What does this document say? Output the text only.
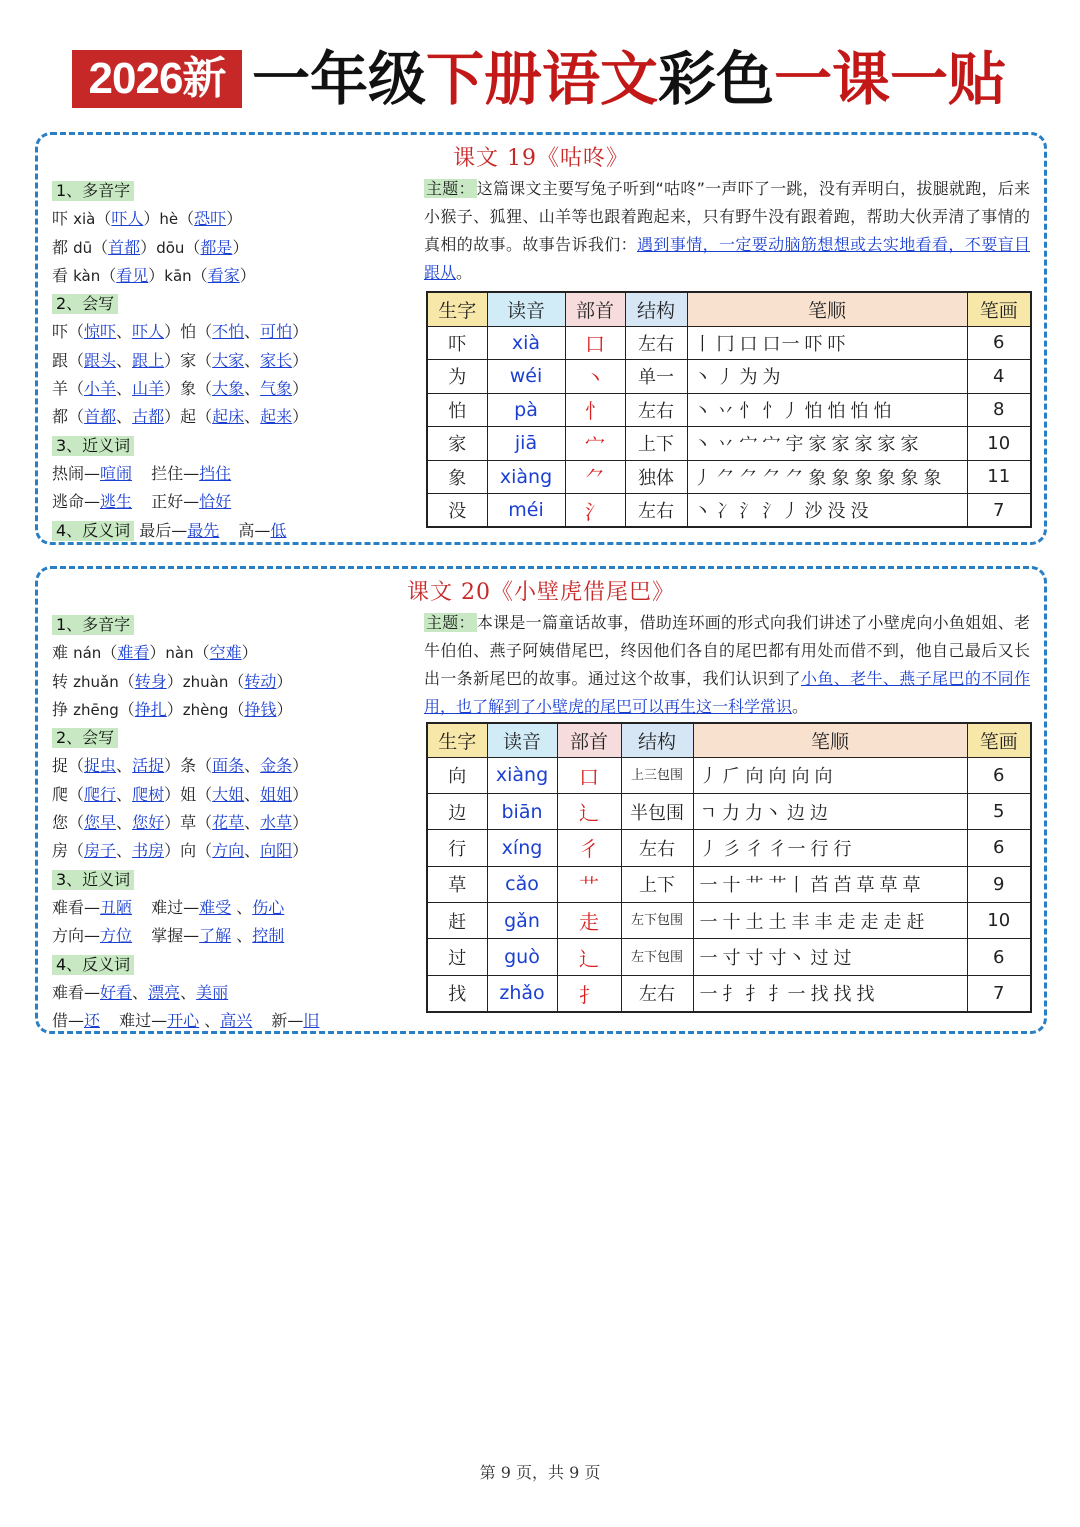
2026新 一年级下册语文彩色一课一贴
课文 19《咕咚》
1、多音字
吓 xià（吓人）hè（恐吓）
都 dū（首都）dōu（都是）
看 kàn（看见）kān（看家）
2、会写
吓（惊吓、吓人）怕（不怕、可怕）
跟（跟头、跟上）家（大家、家长）
羊（小羊、山羊）象（大象、气象）
都（首都、古都）起（起床、起来）
3、近义词
热闹—喧闹 拦住—挡住
逃命—逃生 正好—恰好
4、反义词 最后—最先 高—低
主题： 这篇课文主要写兔子听到“咕咚”一声吓了一跳，没有弄明白，拔腿就跑，后来小猴子、狐狸、山羊等也跟着跑起来，只有野牛没有跟着跑，帮助大伙弄清了事情的真相的故事。故事告诉我们：遇到事情，一定要动脑筋想想或去实地看看，不要盲目跟从。
生字	读音	部首	结构	笔顺	笔画
吓	xià	口	左右	丨 冂 口 口一 吓 吓	6
为	wéi	丶	单一	丶 丿 为 为	4
怕	pà	忄	左右	丶 丷 忄 忄丿 怕 怕 怕 怕	8
家	jiā	宀	上下	丶 丷 宀 宀 宇 家 家 家 家 家	10
象	xiàng	⺈	独体	丿 ⺈ ⺈ ⺈ ⺈ 象 象 象 象 象 象	11
没	méi	氵	左右	丶 冫 氵 氵丿 沙 没 没	7
课文 20《小壁虎借尾巴》
1、多音字
难 nán（难看）nàn（空难）
转 zhuǎn（转身）zhuàn（转动）
挣 zhēng（挣扎）zhèng（挣钱）
2、会写
捉（捉虫、活捉）条（面条、金条）
爬（爬行、爬树）姐（大姐、姐姐）
您（您早、您好）草（花草、水草）
房（房子、书房）向（方向、向阳）
3、近义词
难看—丑陋 难过—难受 、伤心
方向—方位 掌握—了解 、控制
4、反义词
难看—好看、漂亮、美丽
借—还 难过—开心 、高兴 新—旧
主题： 本课是一篇童话故事，借助连环画的形式向我们讲述了小壁虎向小鱼姐姐、老牛伯伯、燕子阿姨借尾巴，终因他们各自的尾巴都有用处而借不到，他自己最后又长出一条新尾巴的故事。通过这个故事，我们认识到了小鱼、老牛、燕子尾巴的不同作用，也了解到了小壁虎的尾巴可以再生这一科学常识。
生字	读音	部首	结构	笔顺	笔画
向	xiàng	口	上三包围	丿 𠂆 向 向 向 向	6
边	biān	辶	半包围	ㄱ 力 力丶 边 边	5
行	xíng	彳	左右	丿 彡 彳 彳一 行 行	6
草	cǎo	艹	上下	一 十 艹 艹丨 苩 苩 草 草 草	9
赶	gǎn	走	左下包围	一 十 土 土 丰 丰 走 走 走 赶	10
过	guò	辶	左下包围	一 寸 寸 寸丶 过 过	6
找	zhǎo	扌	左右	一 扌 扌 扌一 找 找 找	7
第 9 页，共 9 页
